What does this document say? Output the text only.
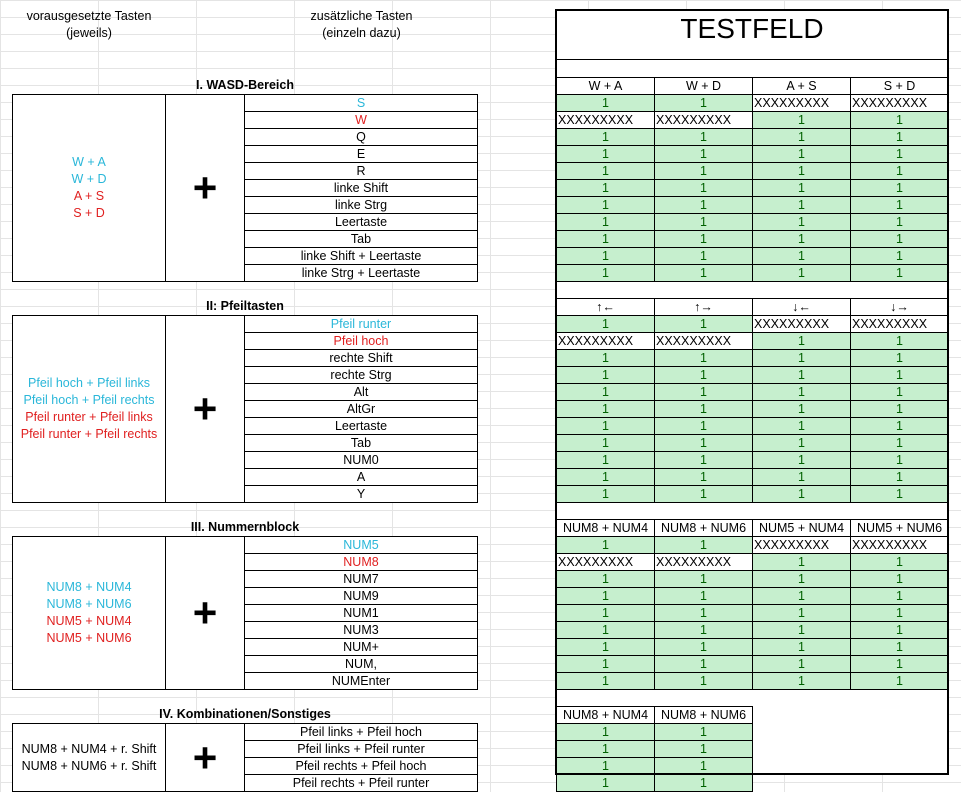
vorausgesetzte Tasten
(jeweils)
zusätzliche Tasten
(einzeln dazu)	TESTFELD
I. WASD-Bereich
W + A
W + D
A + S
S + D
+
S
W
Q
E
R
linke Shift
linke Strg
Leertaste
Tab
linke Shift + Leertaste
linke Strg + Leertaste
W + A	W + D	A + S	S + D
1	1	XXXXXXXXX	XXXXXXXXX
XXXXXXXXX	XXXXXXXXX	1	1
1	1	1	1
1	1	1	1
1	1	1	1
1	1	1	1
1	1	1	1
1	1	1	1
1	1	1	1
1	1	1	1
1	1	1	1
II: Pfeiltasten
Pfeil hoch + Pfeil links
Pfeil hoch + Pfeil rechts
Pfeil runter + Pfeil links
Pfeil runter + Pfeil rechts
+
Pfeil runter
Pfeil hoch
rechte Shift
rechte Strg
Alt
AltGr
Leertaste
Tab
NUM0
A
Y
↑←	↑→	↓←	↓→
1	1	XXXXXXXXX	XXXXXXXXX
XXXXXXXXX	XXXXXXXXX	1	1
1	1	1	1
1	1	1	1
1	1	1	1
1	1	1	1
1	1	1	1
1	1	1	1
1	1	1	1
1	1	1	1
1	1	1	1
III. Nummernblock
NUM8 + NUM4
NUM8 + NUM6
NUM5 + NUM4
NUM5 + NUM6
+
NUM5
NUM8
NUM7
NUM9
NUM1
NUM3
NUM+
NUM,
NUMEnter
NUM8 + NUM4	NUM8 + NUM6	NUM5 + NUM4	NUM5 + NUM6
1	1	XXXXXXXXX	XXXXXXXXX
XXXXXXXXX	XXXXXXXXX	1	1
1	1	1	1
1	1	1	1
1	1	1	1
1	1	1	1
1	1	1	1
1	1	1	1
1	1	1	1
IV. Kombinationen/Sonstiges
NUM8 + NUM4 + r. Shift
NUM8 + NUM6 + r. Shift +
Pfeil links + Pfeil hoch
Pfeil links + Pfeil runter
Pfeil rechts + Pfeil hoch
Pfeil rechts + Pfeil runter
NUM8 + NUM4	NUM8 + NUM6
1	1
1	1
1	1
1	1
